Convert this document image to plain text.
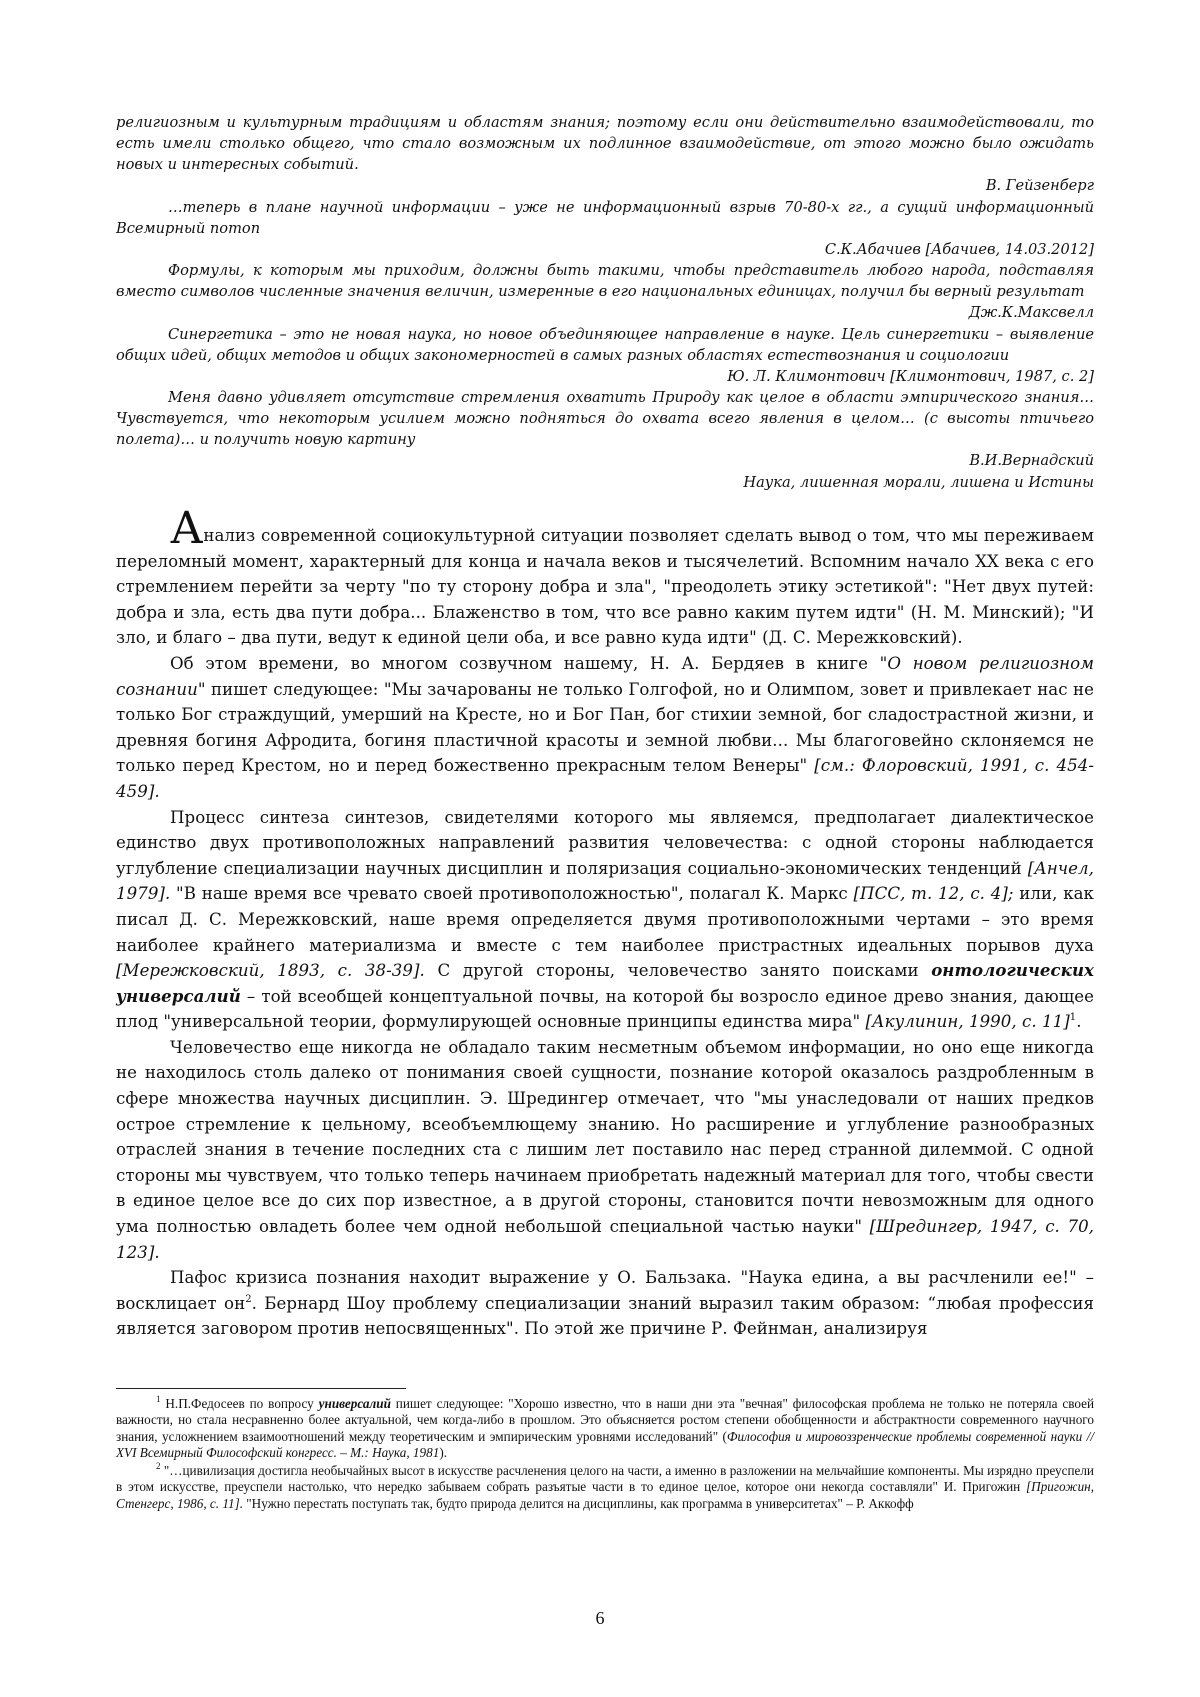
религиозным и культурным традициям и областям знания; поэтому если они действительно взаимодействовали, то есть имели столько общего, что стало возможным их подлинное взаимодействие, от этого можно было ожидать новых и интересных событий.

В. Гейзенберг

…теперь в плане научной информации – уже не информационный взрыв 70-80-х гг., а сущий информационный Всемирный потоп

С.К.Абачиев [Абачиев, 14.03.2012]

Формулы, к которым мы приходим, должны быть такими, чтобы представитель любого народа, подставляя вместо символов численные значения величин, измеренные в его национальных единицах, получил бы верный результат

Дж.К.Максвелл

Синергетика – это не новая наука, но новое объединяющее направление в науке. Цель синергетики – выявление общих идей, общих методов и общих закономерностей в самых разных областях естествознания и социологии

Ю. Л. Климонтович [Климонтович, 1987, с. 2]

Меня давно удивляет отсутствие стремления охватить Природу как целое в области эмпирического знания… Чувствуется, что некоторым усилием можно подняться до охвата всего явления в целом… (с высоты птичьего полета)… и получить новую картину

В.И.Вернадский

Наука, лишенная морали, лишена и Истины

Анализ современной социокультурной ситуации позволяет сделать вывод о том, что мы переживаем переломный момент, характерный для конца и начала веков и тысячелетий. Вспомним начало ХХ века с его стремлением перейти за черту "по ту сторону добра и зла", "преодолеть этику эстетикой": "Нет двух путей: добра и зла, есть два пути добра... Блаженство в том, что все равно каким путем идти" (Н. М. Минский); "И зло, и благо – два пути, ведут к единой цели оба, и все равно куда идти" (Д. С. Мережковский).

Об этом времени, во многом созвучном нашему, Н. А. Бердяев в книге "О новом религиозном сознании" пишет следующее: "Мы зачарованы не только Голгофой, но и Олимпом, зовет и привлекает нас не только Бог страждущий, умерший на Кресте, но и Бог Пан, бог стихии земной, бог сладострастной жизни, и древняя богиня Афродита, богиня пластичной красоты и земной любви... Мы благоговейно склоняемся не только перед Крестом, но и перед божественно прекрасным телом Венеры" [см.: Флоровский, 1991, с. 454-459].

Процесс синтеза синтезов, свидетелями которого мы являемся, предполагает диалектическое единство двух противоположных направлений развития человечества: с одной стороны наблюдается углубление специализации научных дисциплин и поляризация социально-экономических тенденций [Анчел, 1979]. "В наше время все чревато своей противоположностью", полагал К. Маркс [ПСС, т. 12, с. 4]; или, как писал Д. С. Мережковский, наше время определяется двумя противоположными чертами – это время наиболее крайнего материализма и вместе с тем наиболее пристрастных идеальных порывов духа [Мережковский, 1893, с. 38-39]. С другой стороны, человечество занято поисками онтологических универсалий – той всеобщей концептуальной почвы, на которой бы возросло единое древо знания, дающее плод "универсальной теории, формулирующей основные принципы единства мира" [Акулинин, 1990, с. 11]$^1$.

Человечество еще никогда не обладало таким несметным объемом информации, но оно еще никогда не находилось столь далеко от понимания своей сущности, познание которой оказалось раздробленным в сфере множества научных дисциплин. Э. Шредингер отмечает, что "мы унаследовали от наших предков острое стремление к цельному, всеобъемлющему знанию. Но расширение и углубление разнообразных отраслей знания в течение последних ста с лишим лет поставило нас перед странной дилеммой. С одной стороны мы чувствуем, что только теперь начинаем приобретать надежный материал для того, чтобы свести в единое целое все до сих пор известное, а в другой стороны, становится почти невозможным для одного ума полностью овладеть более чем одной небольшой специальной частью науки" [Шредингер, 1947, с. 70, 123].

Пафос кризиса познания находит выражение у О. Бальзака. "Наука едина, а вы расчленили ее!" – восклицает $он^2$. Бернард Шоу проблему специализации знаний выразил таким образом: “любая профессия является заговором против непосвященных". По этой же причине Р. Фейнман, анализируя

$^1$ Н.П.Федосеев по вопросу универсалий пишет следующее: "Хорошо известно, что в наши дни эта "вечная" философская проблема не только не потеряла своей важности, но стала несравненно более актуальной, чем когда-либо в прошлом. Это объясняется ростом степени обобщенности и абстрактности современного научного знания, усложнением взаимоотношений между теоретическим и эмпирическим уровнями исследований" (Философия и мировоззренческие проблемы современной науки // XVI Всемирный Философский конгресс. – М.: Наука, 1981).

$^2$ "…цивилизация достигла необычайных высот в искусстве расчленения целого на части, а именно в разложении на мельчайшие компоненты. Мы изрядно преуспели в этом искусстве, преуспели настолько, что нередко забываем собрать разъятые части в то единое целое, которое они некогда составляли" И. Пригожин [Пригожин, Стенгерс, 1986, с. 11]. "Нужно перестать поступать так, будто природа делится на дисциплины, как программа в университетах" – Р. Аккофф

6
